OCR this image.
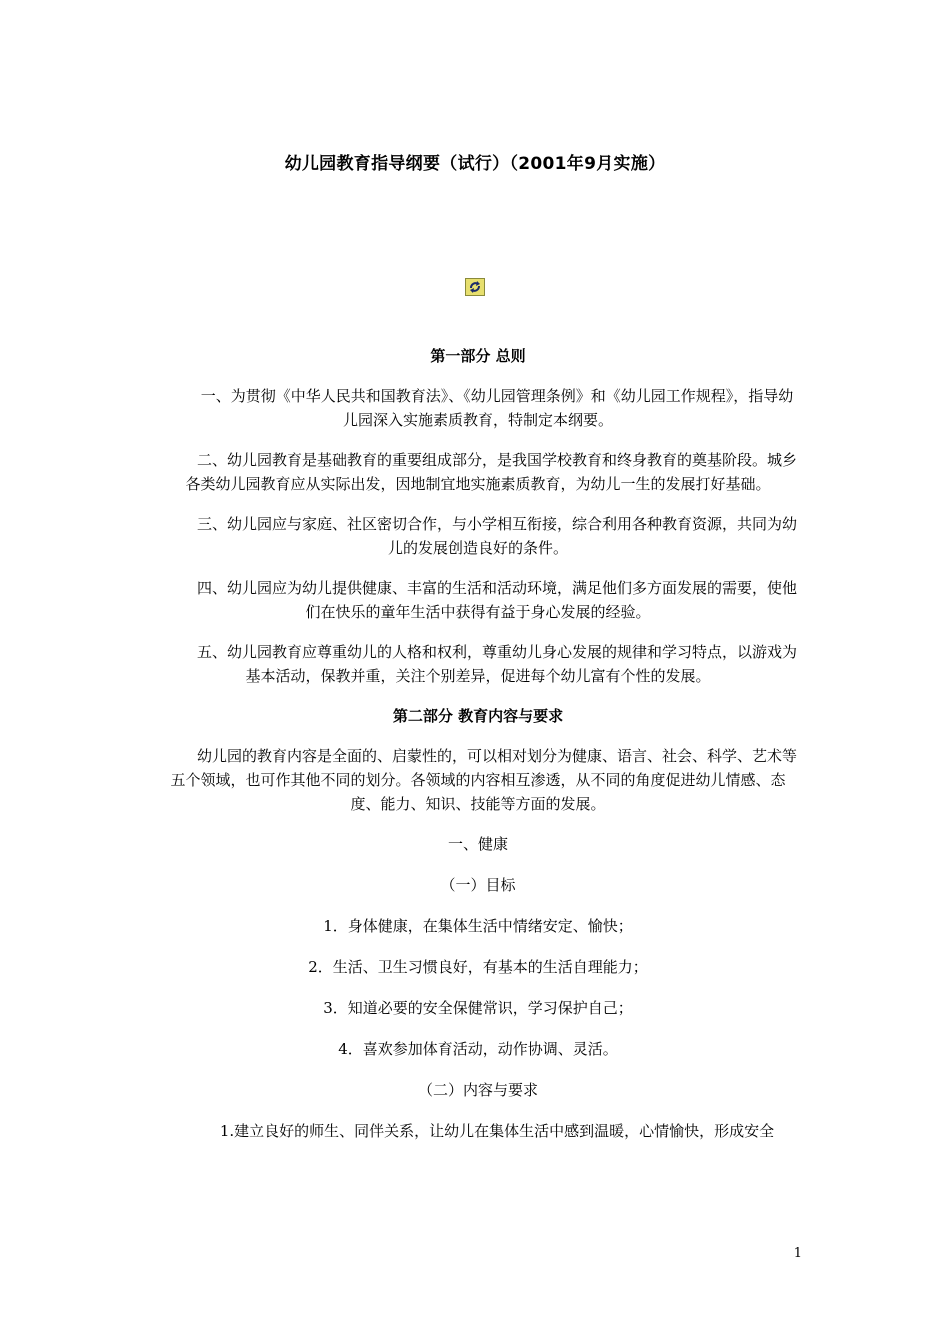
幼儿园教育指导纲要（试行）（2001年9月实施）
第一部分 总则
一、为贯彻《中华人民共和国教育法》、《幼儿园管理条例》和《幼儿园工作规程》，指导幼儿园深入实施素质教育，特制定本纲要。
二、幼儿园教育是基础教育的重要组成部分，是我国学校教育和终身教育的奠基阶段。城乡各类幼儿园教育应从实际出发，因地制宜地实施素质教育，为幼儿一生的发展打好基础。
三、幼儿园应与家庭、社区密切合作，与小学相互衔接，综合利用各种教育资源，共同为幼儿的发展创造良好的条件。
四、幼儿园应为幼儿提供健康、丰富的生活和活动环境，满足他们多方面发展的需要，使他们在快乐的童年生活中获得有益于身心发展的经验。
五、幼儿园教育应尊重幼儿的人格和权利，尊重幼儿身心发展的规律和学习特点，以游戏为基本活动，保教并重，关注个别差异，促进每个幼儿富有个性的发展。
第二部分 教育内容与要求
幼儿园的教育内容是全面的、启蒙性的，可以相对划分为健康、语言、社会、科学、艺术等五个领域，也可作其他不同的划分。各领域的内容相互渗透，从不同的角度促进幼儿情感、态度、能力、知识、技能等方面的发展。
一、健康
（一）目标
1．身体健康，在集体生活中情绪安定、愉快；
2．生活、卫生习惯良好，有基本的生活自理能力；
3．知道必要的安全保健常识，学习保护自己；
4．喜欢参加体育活动，动作协调、灵活。
（二）内容与要求
1.建立良好的师生、同伴关系，让幼儿在集体生活中感到温暖，心情愉快，形成安全
1
